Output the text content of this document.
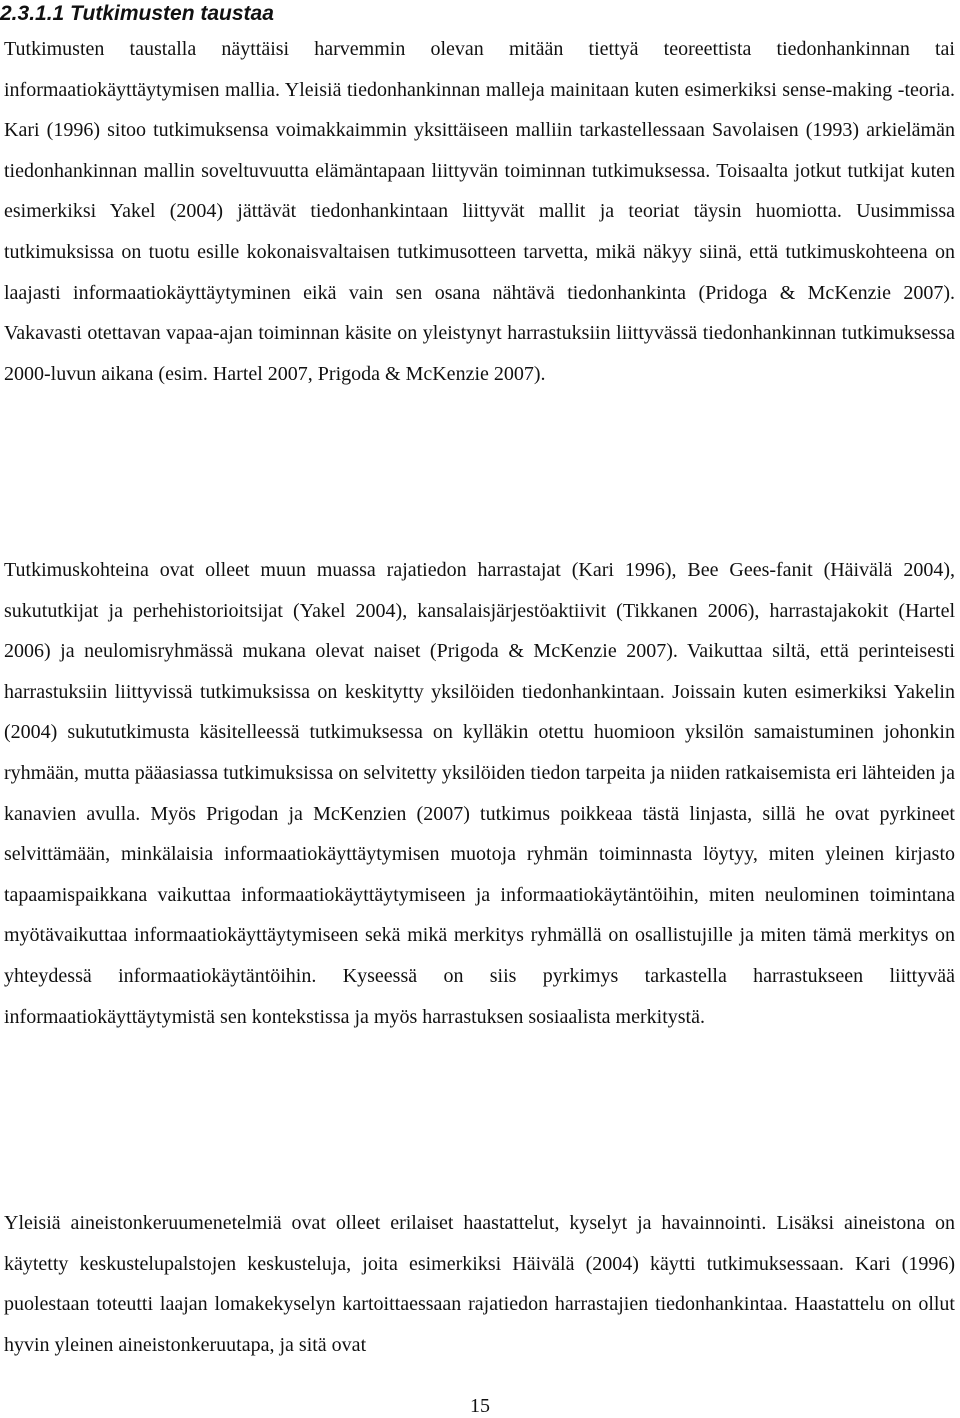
2.3.1.1 Tutkimusten taustaa

Tutkimusten taustalla näyttäisi harvemmin olevan mitään tiettyä teoreettista tiedonhankinnan tai informaatiokäyttäytymisen mallia. Yleisiä tiedonhankinnan malleja mainitaan kuten esimerkiksi sense-making -teoria. Kari (1996) sitoo tutkimuksensa voimakkaimmin yksittäiseen malliin tarkastellessaan Savolaisen (1993) arkielämän tiedonhankinnan mallin soveltuvuutta elämäntapaan liittyvän toiminnan tutkimuksessa. Toisaalta jotkut tutkijat kuten esimerkiksi Yakel (2004) jättävät tiedonhankintaan liittyvät mallit ja teoriat täysin huomiotta. Uusimmissa tutkimuksissa on tuotu esille kokonaisvaltaisen tutkimusotteen tarvetta, mikä näkyy siinä, että tutkimuskohteena on laajasti informaatiokäyttäytyminen eikä vain sen osana nähtävä tiedonhankinta (Pridoga & McKenzie 2007). Vakavasti otettavan vapaa-ajan toiminnan käsite on yleistynyt harrastuksiin liittyvässä tiedonhankinnan tutkimuksessa 2000-luvun aikana (esim. Hartel 2007, Prigoda & McKenzie 2007).

Tutkimuskohteina ovat olleet muun muassa rajatiedon harrastajat (Kari 1996), Bee Gees-fanit (Häivälä 2004), sukututkijat ja perhehistorioitsijat (Yakel 2004), kansalaisjärjestöaktiivit (Tikkanen 2006), harrastajakokit (Hartel 2006) ja neulomisryhmässä mukana olevat naiset (Prigoda & McKenzie 2007). Vaikuttaa siltä, että perinteisesti harrastuksiin liittyvissä tutkimuksissa on keskitytty yksilöiden tiedonhankintaan. Joissain kuten esimerkiksi Yakelin (2004) sukututkimusta käsitelleessä tutkimuksessa on kylläkin otettu huomioon yksilön samaistuminen johonkin ryhmään, mutta pääasiassa tutkimuksissa on selvitetty yksilöiden tiedon tarpeita ja niiden ratkaisemista eri lähteiden ja kanavien avulla. Myös Prigodan ja McKenzien (2007) tutkimus poikkeaa tästä linjasta, sillä he ovat pyrkineet selvittämään, minkälaisia informaatiokäyttäytymisen muotoja ryhmän toiminnasta löytyy, miten yleinen kirjasto tapaamispaikkana vaikuttaa informaatiokäyttäytymiseen ja informaatiokäytäntöihin, miten neulominen toimintana myötävaikuttaa informaatiokäyttäytymiseen sekä mikä merkitys ryhmällä on osallistujille ja miten tämä merkitys on yhteydessä informaatiokäytäntöihin. Kyseessä on siis pyrkimys tarkastella harrastukseen liittyvää informaatiokäyttäytymistä sen kontekstissa ja myös harrastuksen sosiaalista merkitystä.

Yleisiä aineistonkeruumenetelmiä ovat olleet erilaiset haastattelut, kyselyt ja havainnointi. Lisäksi aineistona on käytetty keskustelupalstojen keskusteluja, joita esimerkiksi Häivälä (2004) käytti tutkimuksessaan. Kari (1996) puolestaan toteutti laajan lomakekyselyn kartoittaessaan rajatiedon harrastajien tiedonhankintaa. Haastattelu on ollut hyvin yleinen aineistonkeruutapa, ja sitä ovat

15
